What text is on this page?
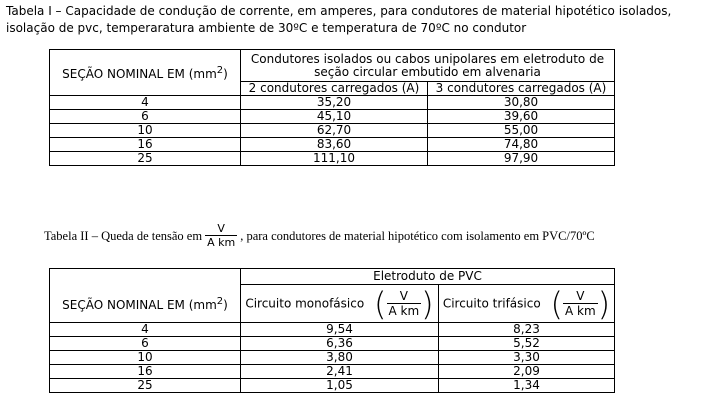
Tabela I – Capacidade de condução de corrente, em amperes, para condutores de material hipotético isolados, isolação de pvc, temperaratura ambiente de 30ºC e temperatura de 70ºC no condutor
SEÇÃO NOMINAL EM $(mm^2)$	Condutores isolados ou cabos unipolares em eletroduto de seção circular embutido em alvenaria	
	2 condutores carregados (A)	3 condutores carregados (A)
4	35,20	30,80
6	45,10	39,60
10	62,70	55,00
16	83,60	74,80
25	111,10	97,90
Tabela II – Queda de tensão em $\frac{V}{\text{A km}}$ , para condutores de material hipotético com isolamento em PVC/70ºC
	Eletroduto de PVC	
SEÇÃO NOMINAL EM $(mm^2)$	Circuito monofásico ( $\frac{V}{\text{A km}}$ )	Circuito trifásico ( $\frac{V}{\text{A km}}$ )

4	9,54	8,23
6	6,36	5,52
10	3,80	3,30
16	2,41	2,09
25	1,05	1,34
